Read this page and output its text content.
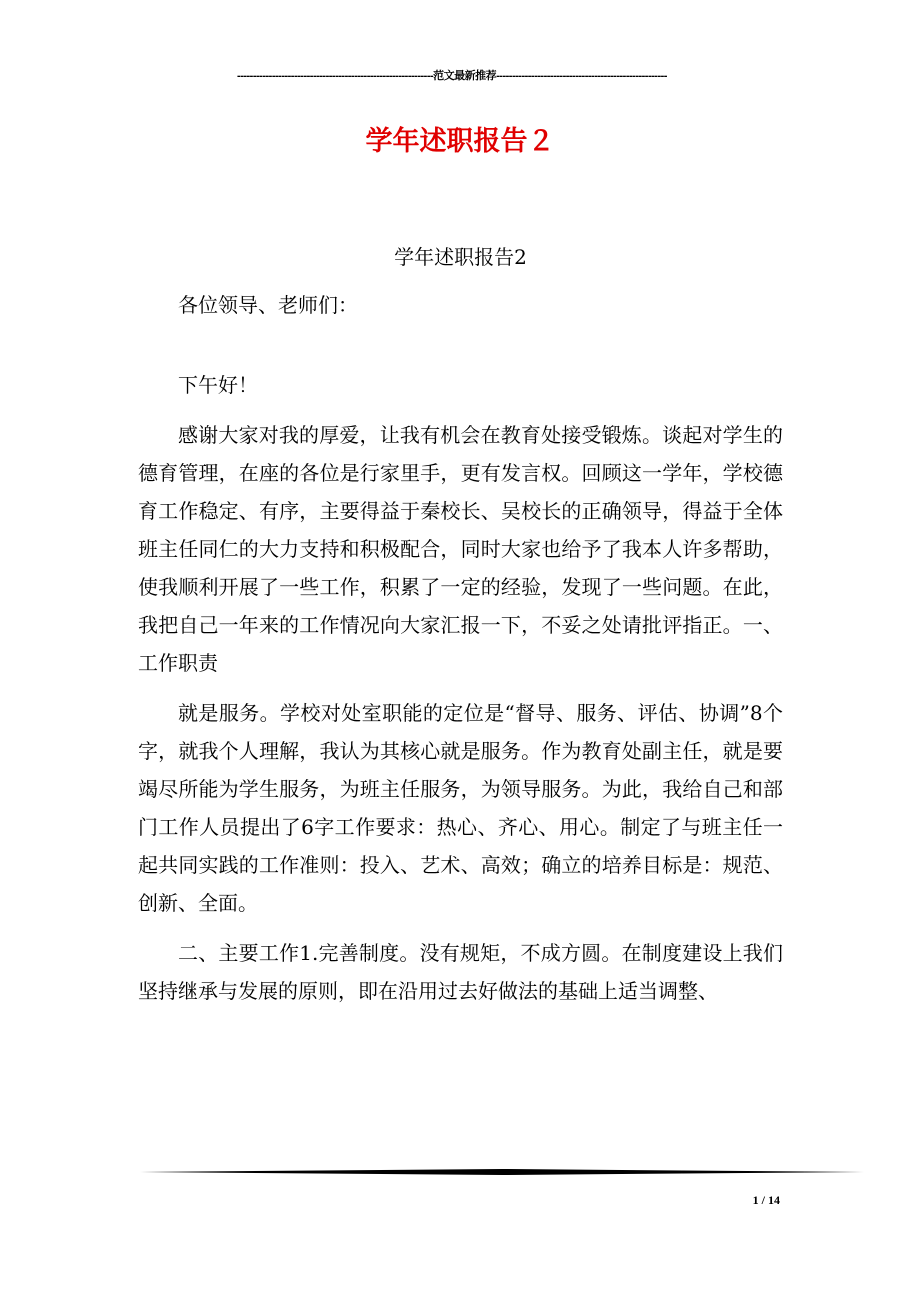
--------------------------------------------------------------范文最新推荐------------------------------------------------------
学年述职报告２

学年述职报告2

各位领导、老师们：

下午好！

感谢大家对我的厚爱，让我有机会在教育处接受锻炼。谈起对学生的德育管理，在座的各位是行家里手，更有发言权。回顾这一学年，学校德育工作稳定、有序，主要得益于秦校长、吴校长的正确领导，得益于全体班主任同仁的大力支持和积极配合，同时大家也给予了我本人许多帮助，使我顺利开展了一些工作，积累了一定的经验，发现了一些问题。在此，我把自己一年来的工作情况向大家汇报一下，不妥之处请批评指正。一、工作职责

就是服务。学校对处室职能的定位是“督导、服务、评估、协调”8个字，就我个人理解，我认为其核心就是服务。作为教育处副主任，就是要竭尽所能为学生服务，为班主任服务，为领导服务。为此，我给自己和部门工作人员提出了6字工作要求：热心、齐心、用心。制定了与班主任一起共同实践的工作准则：投入、艺术、高效；确立的培养目标是：规范、创新、全面。

二、主要工作1.完善制度。没有规矩，不成方圆。在制度建设上我们坚持继承与发展的原则，即在沿用过去好做法的基础上适当调整、

1 / 14
